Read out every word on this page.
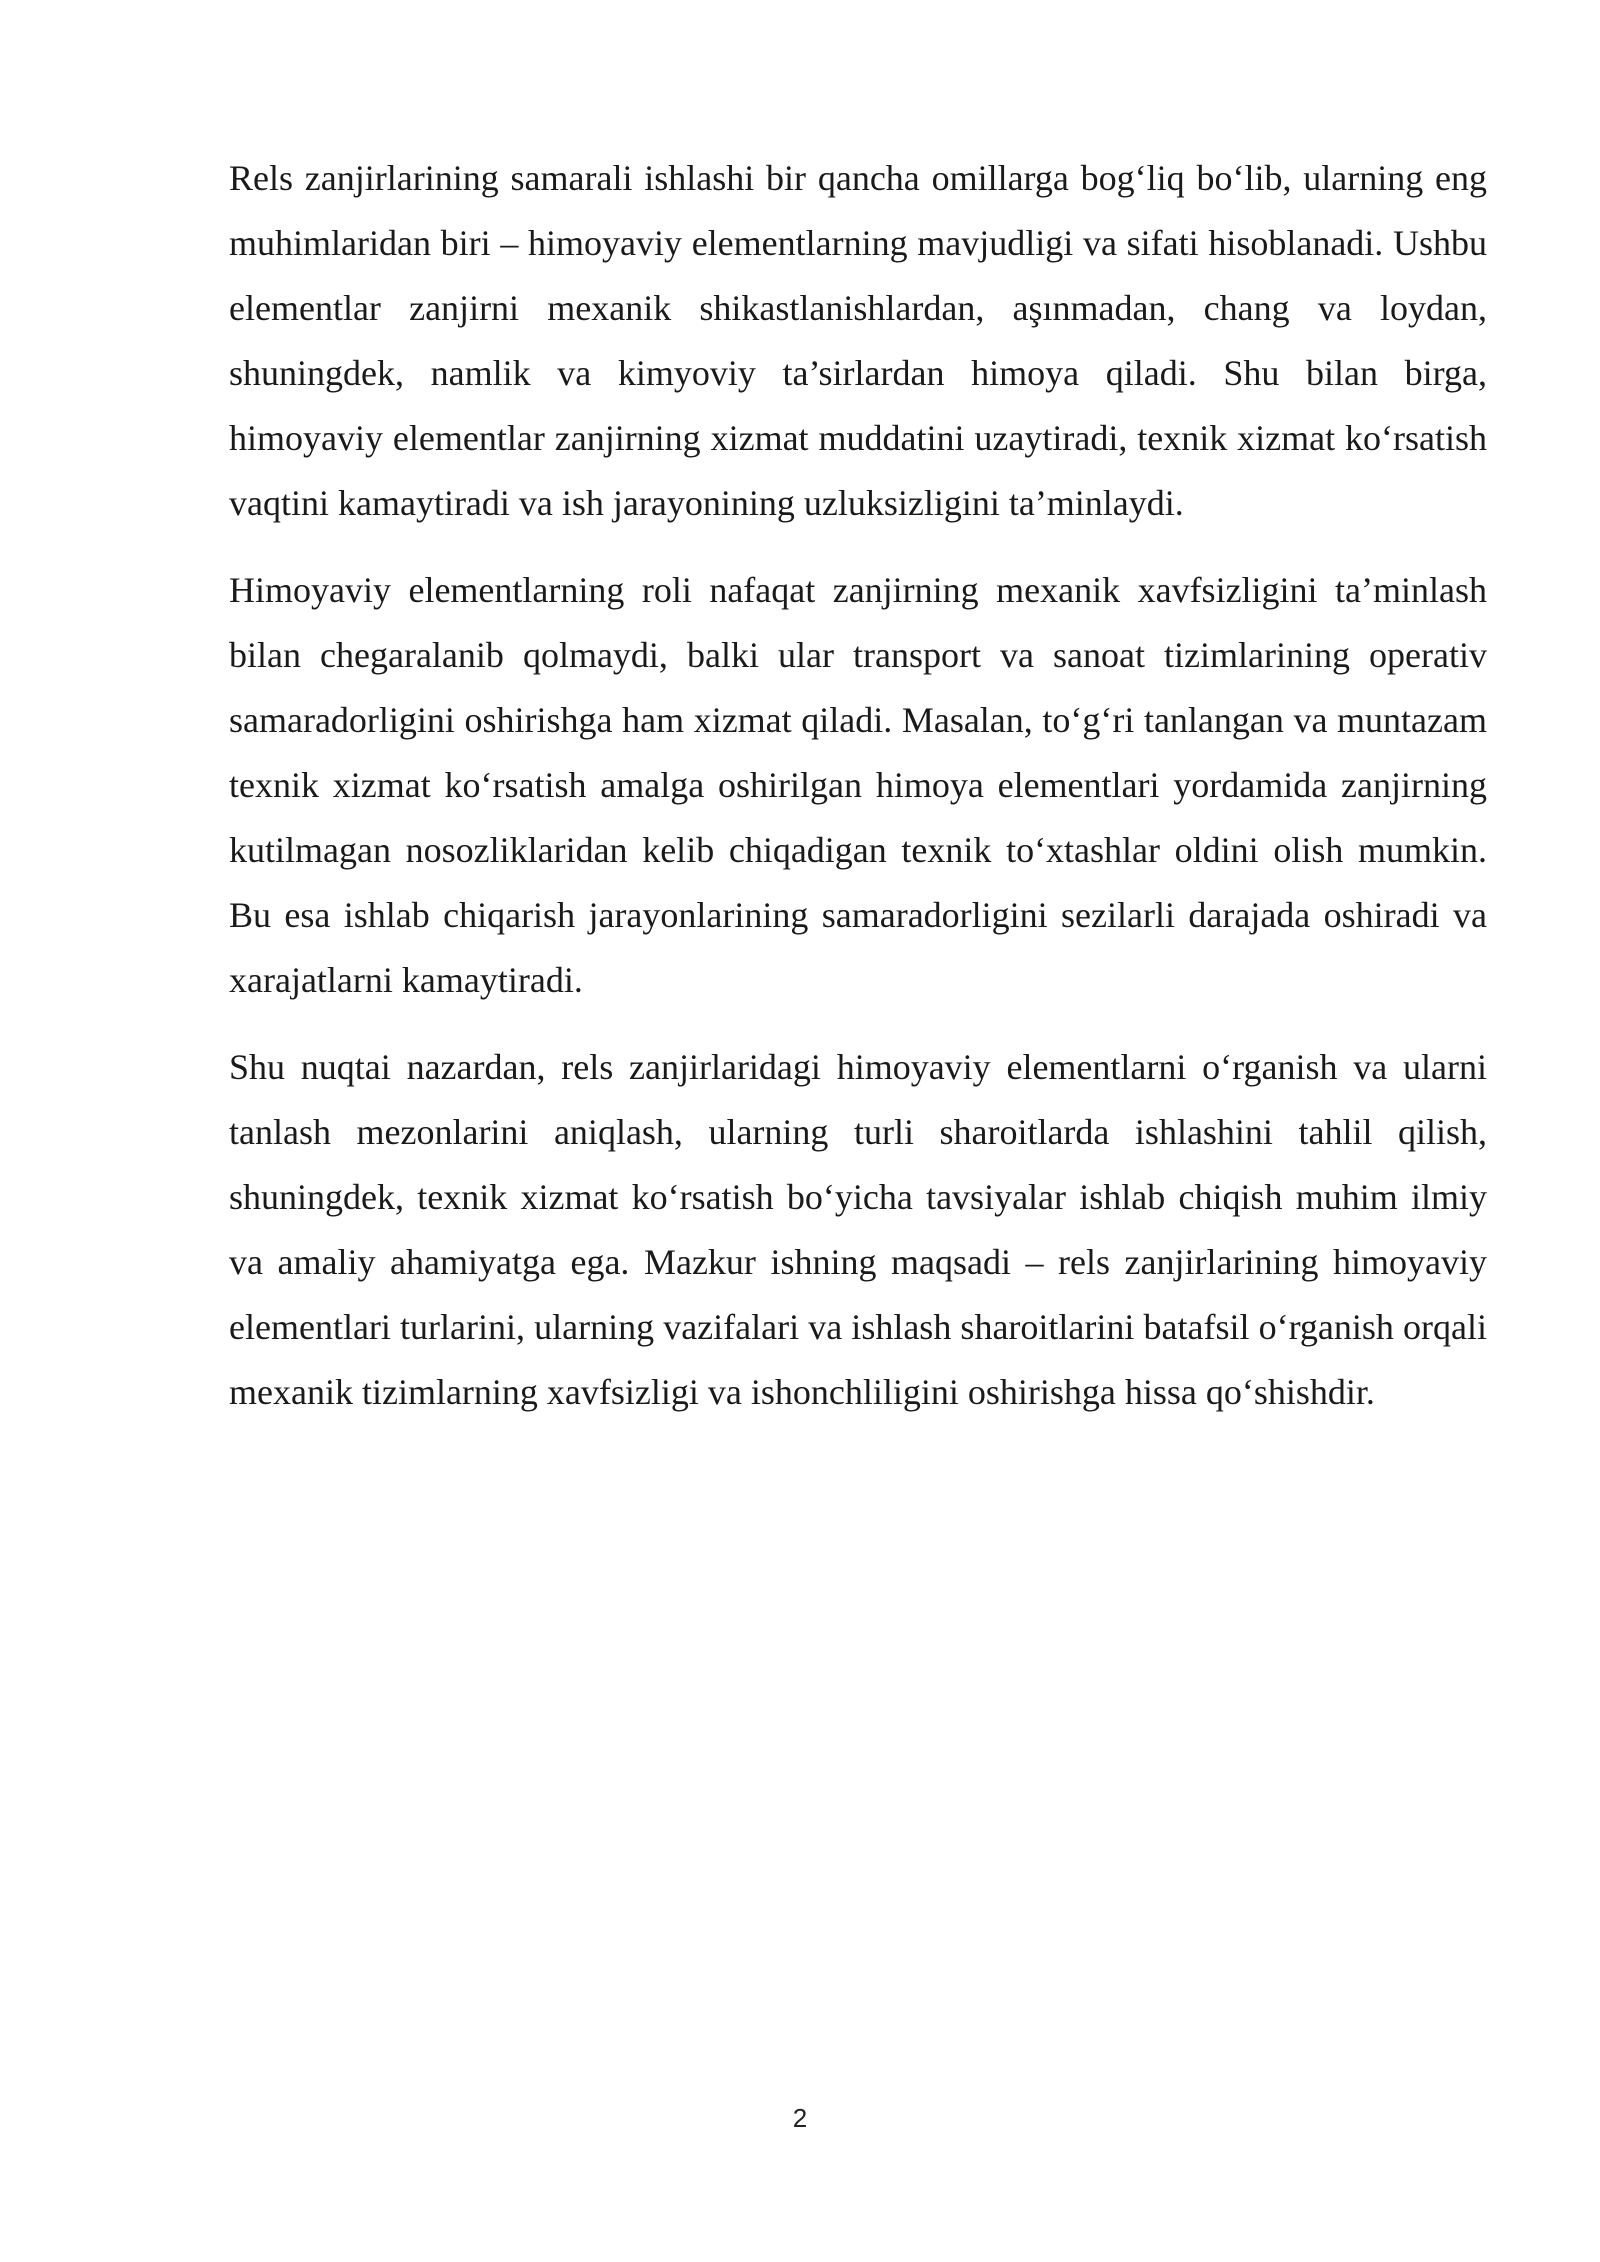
Rels zanjirlarining samarali ishlashi bir qancha omillarga bog‘liq bo‘lib, ularning eng muhimlaridan biri – himoyaviy elementlarning mavjudligi va sifati hisoblanadi. Ushbu elementlar zanjirni mexanik shikastlanishlardan, aşınmadan, chang va loydan, shuningdek, namlik va kimyoviy ta’sirlardan himoya qiladi. Shu bilan birga, himoyaviy elementlar zanjirning xizmat muddatini uzaytiradi, texnik xizmat ko‘rsatish vaqtini kamaytiradi va ish jarayonining uzluksizligini ta’minlaydi.

Himoyaviy elementlarning roli nafaqat zanjirning mexanik xavfsizligini ta’minlash bilan chegaralanib qolmaydi, balki ular transport va sanoat tizimlarining operativ samaradorligini oshirishga ham xizmat qiladi. Masalan, to‘g‘ri tanlangan va muntazam texnik xizmat ko‘rsatish amalga oshirilgan himoya elementlari yordamida zanjirning kutilmagan nosozliklaridan kelib chiqadigan texnik to‘xtashlar oldini olish mumkin. Bu esa ishlab chiqarish jarayonlarining samaradorligini sezilarli darajada oshiradi va xarajatlarni kamaytiradi.

Shu nuqtai nazardan, rels zanjirlaridagi himoyaviy elementlarni o‘rganish va ularni tanlash mezonlarini aniqlash, ularning turli sharoitlarda ishlashini tahlil qilish, shuningdek, texnik xizmat ko‘rsatish bo‘yicha tavsiyalar ishlab chiqish muhim ilmiy va amaliy ahamiyatga ega. Mazkur ishning maqsadi – rels zanjirlarining himoyaviy elementlari turlarini, ularning vazifalari va ishlash sharoitlarini batafsil o‘rganish orqali mexanik tizimlarning xavfsizligi va ishonchliligini oshirishga hissa qo‘shishdir.

2
